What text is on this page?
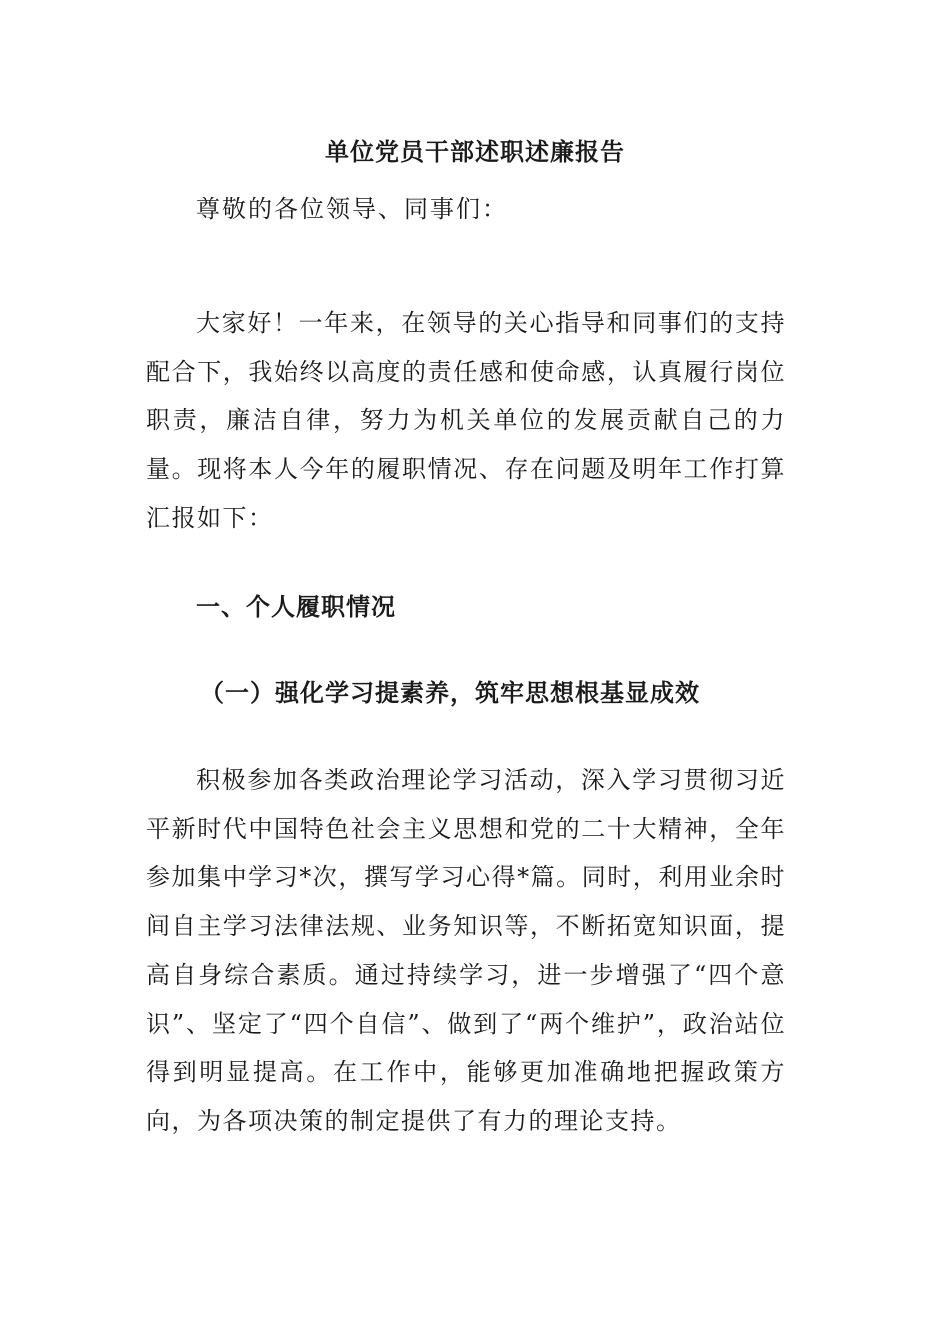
单位党员干部述职述廉报告
尊敬的各位领导、同事们：

大家好！一年来，在领导的关心指导和同事们的支持配合下，我始终以高度的责任感和使命感，认真履行岗位职责，廉洁自律，努力为机关单位的发展贡献自己的力量。现将本人今年的履职情况、存在问题及明年工作打算汇报如下：

一、个人履职情况
（一）强化学习提素养，筑牢思想根基显成效

积极参加各类政治理论学习活动，深入学习贯彻习近平新时代中国特色社会主义思想和党的二十大精神，全年参加集中学习*次，撰写学习心得*篇。同时，利用业余时间自主学习法律法规、业务知识等，不断拓宽知识面，提高自身综合素质。通过持续学习，进一步增强了“四个意识”、坚定了“四个自信”、做到了“两个维护”，政治站位得到明显提高。在工作中，能够更加准确地把握政策方向，为各项决策的制定提供了有力的理论支持。
